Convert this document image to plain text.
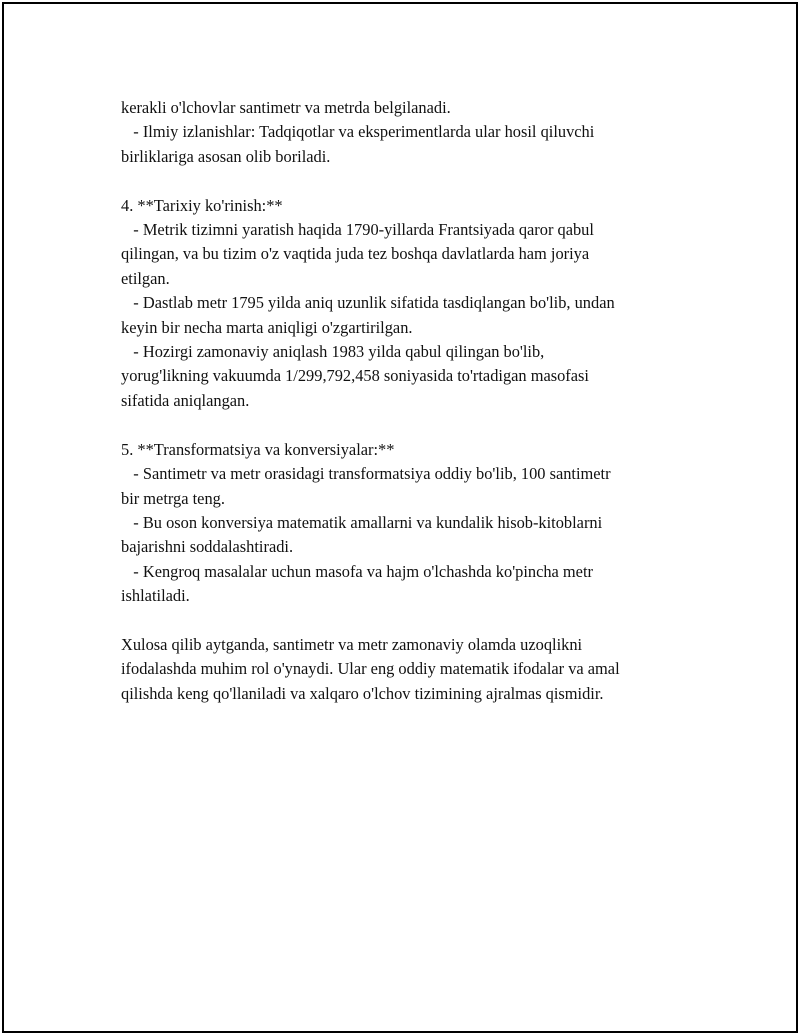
kerakli o'lchovlar santimetr va metrda belgilanadi.
- Ilmiy izlanishlar: Tadqiqotlar va eksperimentlarda ular hosil qiluvchi
birliklariga asosan olib boriladi.

4. **Tarixiy ko'rinish:**
- Metrik tizimni yaratish haqida 1790-yillarda Frantsiyada qaror qabul
qilingan, va bu tizim o'z vaqtida juda tez boshqa davlatlarda ham joriya
etilgan.
- Dastlab metr 1795 yilda aniq uzunlik sifatida tasdiqlangan bo'lib, undan
keyin bir necha marta aniqligi o'zgartirilgan.
- Hozirgi zamonaviy aniqlash 1983 yilda qabul qilingan bo'lib,
yorug'likning vakuumda 1/299,792,458 soniyasida to'rtadigan masofasi
sifatida aniqlangan.

5. **Transformatsiya va konversiyalar:**
- Santimetr va metr orasidagi transformatsiya oddiy bo'lib, 100 santimetr
bir metrga teng.
- Bu oson konversiya matematik amallarni va kundalik hisob-kitoblarni
bajarishni soddalashtiradi.
- Kengroq masalalar uchun masofa va hajm o'lchashda ko'pincha metr
ishlatiladi.

Xulosa qilib aytganda, santimetr va metr zamonaviy olamda uzoqlikni
ifodalashda muhim rol o'ynaydi. Ular eng oddiy matematik ifodalar va amal
qilishda keng qo'llaniladi va xalqaro o'lchov tizimining ajralmas qismidir.
